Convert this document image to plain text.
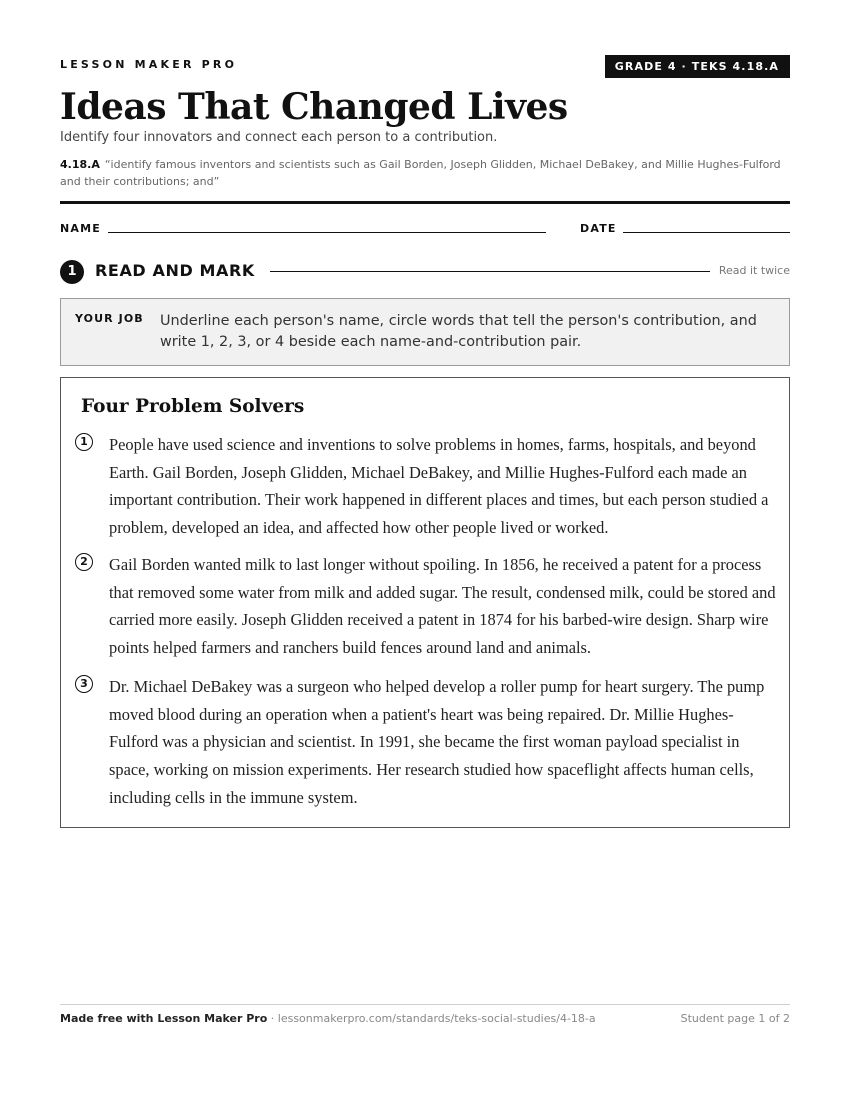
LESSON MAKER PRO	GRADE 4 · TEKS 4.18.A
Ideas That Changed Lives
Identify four innovators and connect each person to a contribution.
4.18.A “identify famous inventors and scientists such as Gail Borden, Joseph Glidden, Michael DeBakey, and Millie Hughes-Fulford and their contributions; and”
NAME	DATE
1	READ AND MARK	Read it twice
YOUR JOB Underline each person's name, circle words that tell the person's contribution, and write 1, 2, 3, or 4 beside each name-and-contribution pair.
Four Problem Solvers
1	People have used science and inventions to solve problems in homes, farms, hospitals, and beyond Earth. Gail Borden, Joseph Glidden, Michael DeBakey, and Millie Hughes-Fulford each made an important contribution. Their work happened in different places and times, but each person studied a problem, developed an idea, and affected how other people lived or worked.
2	Gail Borden wanted milk to last longer without spoiling. In 1856, he received a patent for a process that removed some water from milk and added sugar. The result, condensed milk, could be stored and carried more easily. Joseph Glidden received a patent in 1874 for his barbed-wire design. Sharp wire points helped farmers and ranchers build fences around land and animals.
3	Dr. Michael DeBakey was a surgeon who helped develop a roller pump for heart surgery. The pump moved blood during an operation when a patient's heart was being repaired. Dr. Millie Hughes-Fulford was a physician and scientist. In 1991, she became the first woman payload specialist in space, working on mission experiments. Her research studied how spaceflight affects human cells, including cells in the immune system.
Made free with Lesson Maker Pro · lessonmakerpro.com/standards/teks-social-studies/4-18-a	Student page 1 of 2
